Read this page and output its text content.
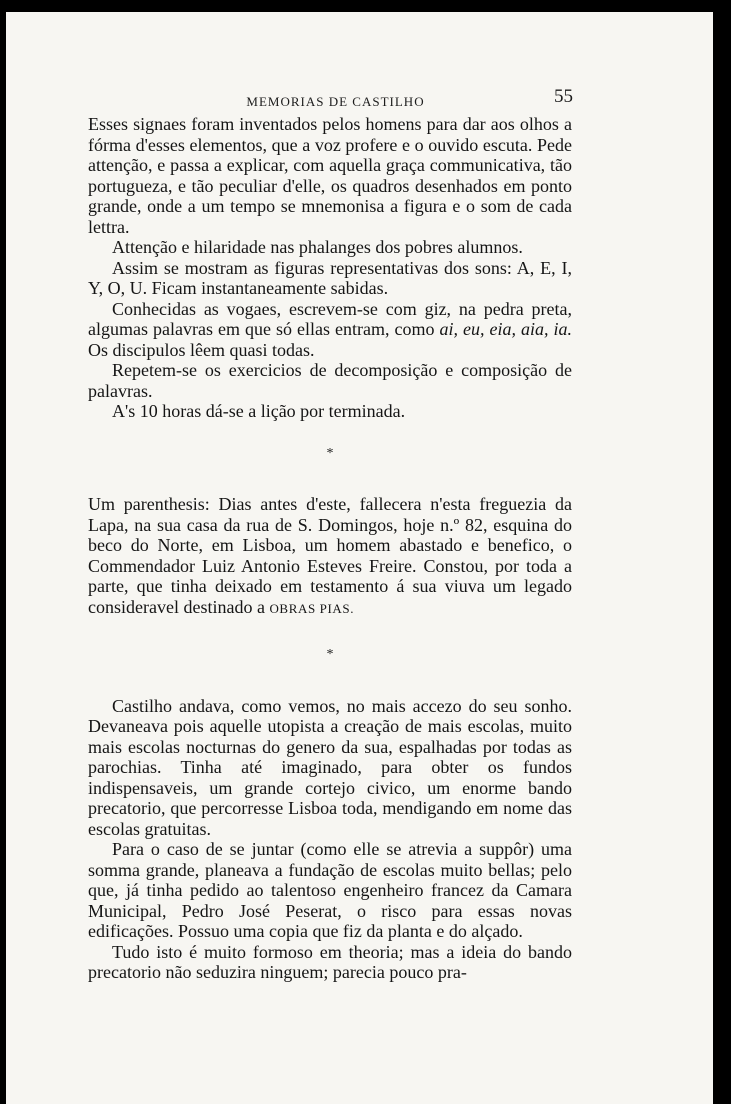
MEMORIAS DE CASTILHO	55

Esses signaes foram inventados pelos homens para dar aos olhos a fórma d'esses elementos, que a voz profere e o ouvido escuta. Pede attenção, e passa a explicar, com aquella graça communicativa, tão portugueza, e tão peculiar d'elle, os quadros desenhados em ponto grande, onde a um tempo se mnemonisa a figura e o som de cada lettra.

Attenção e hilaridade nas phalanges dos pobres alumnos.

Assim se mostram as figuras representativas dos sons: A, E, I, Y, O, U. Ficam instantaneamente sabidas.

Conhecidas as vogaes, escrevem-se com giz, na pedra preta, algumas palavras em que só ellas entram, como ai, eu, eia, aia, ia. Os discipulos lêem quasi todas.

Repetem-se os exercicios de decomposição e composição de palavras.

A's 10 horas dá-se a lição por terminada.

*

Um parenthesis: Dias antes d'este, fallecera n'esta freguezia da Lapa, na sua casa da rua de S. Domingos, hoje n.º 82, esquina do beco do Norte, em Lisboa, um homem abastado e benefico, o Commendador Luiz Antonio Esteves Freire. Constou, por toda a parte, que tinha deixado em testamento á sua viuva um legado consideravel destinado a OBRAS PIAS.

*

Castilho andava, como vemos, no mais accezo do seu sonho. Devaneava pois aquelle utopista a creação de mais escolas, muito mais escolas nocturnas do genero da sua, espalhadas por todas as parochias. Tinha até imaginado, para obter os fundos indispensaveis, um grande cortejo civico, um enorme bando precatorio, que percorresse Lisboa toda, mendigando em nome das escolas gratuitas.

Para o caso de se juntar (como elle se atrevia a suppôr) uma somma grande, planeava a fundação de escolas muito bellas; pelo que, já tinha pedido ao talentoso engenheiro francez da Camara Municipal, Pedro José Peserat, o risco para essas novas edificações. Possuo uma copia que fiz da planta e do alçado.

Tudo isto é muito formoso em theoria; mas a ideia do bando precatorio não seduzira ninguem; parecia pouco pra-
